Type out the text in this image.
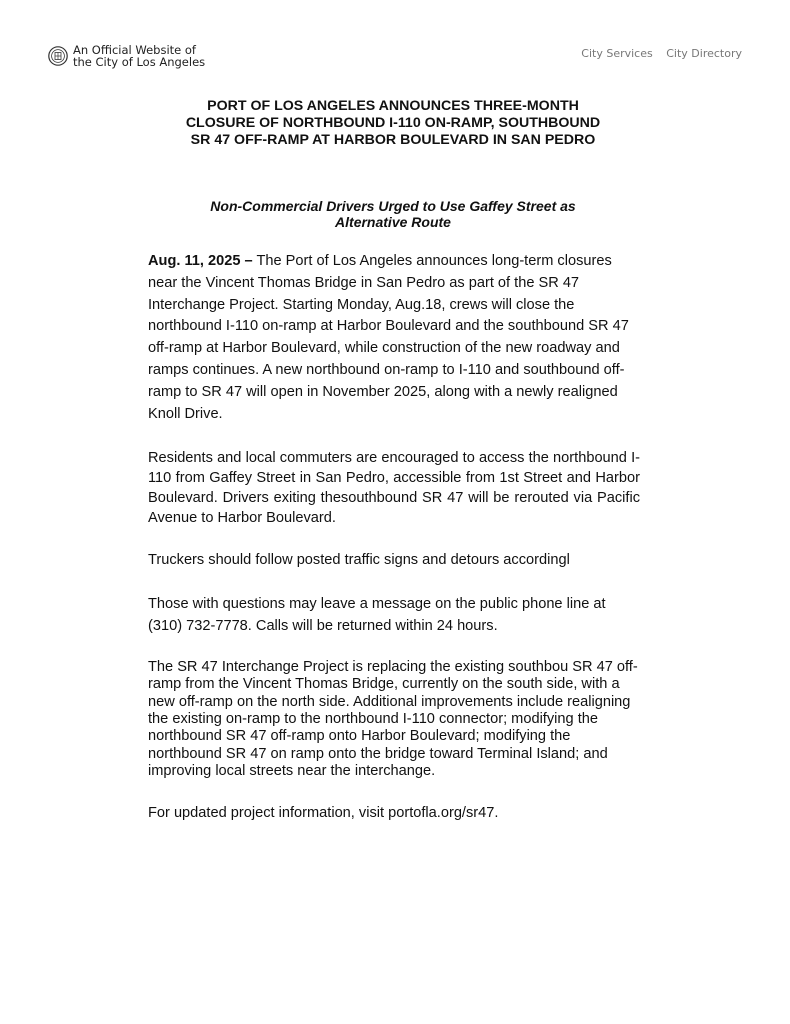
An Official Website of
the City of Los Angeles
City Services City Directory
PORT OF LOS ANGELES ANNOUNCES THREE-MONTH
CLOSURE OF NORTHBOUND I-110 ON-RAMP, SOUTHBOUND
SR 47 OFF-RAMP AT HARBOR BOULEVARD IN SAN PEDRO
Non-Commercial Drivers Urged to Use Gaffey Street as
Alternative Route

Aug. 11, 2025 – The Port of Los Angeles announces long-term closures near the Vincent Thomas Bridge in San Pedro as part of the SR 47 Interchange Project. Starting Monday, Aug.18, crews will close the northbound I-110 on-ramp at Harbor Boulevard and the southbound SR 47 off-ramp at Harbor Boulevard, while construction of the new roadway and ramps continues. A new northbound on-ramp to I-110 and southbound off-ramp to SR 47 will open in November 2025, along with a newly realigned Knoll Drive.

Residents and local commuters are encouraged to access the northbound I-110 from Gaffey Street in San Pedro, accessible from 1st Street and Harbor Boulevard. Drivers exiting thesouthbound SR 47 will be rerouted via Pacific Avenue to Harbor Boulevard.

Truckers should follow posted traffic signs and detours accordingl

Those with questions may leave a message on the public phone line at (310) 732-7778. Calls will be returned within 24 hours.

The SR 47 Interchange Project is replacing the existing southbou SR 47 off-ramp from the Vincent Thomas Bridge, currently on the south side, with a new off-ramp on the north side. Additional improvements include realigning the existing on-ramp to the northbound I-110 connector; modifying the northbound SR 47 off-ramp onto Harbor Boulevard; modifying the northbound SR 47 on ramp onto the bridge toward Terminal Island; and improving local streets near the interchange.

For updated project information, visit portofla.org/sr47.
